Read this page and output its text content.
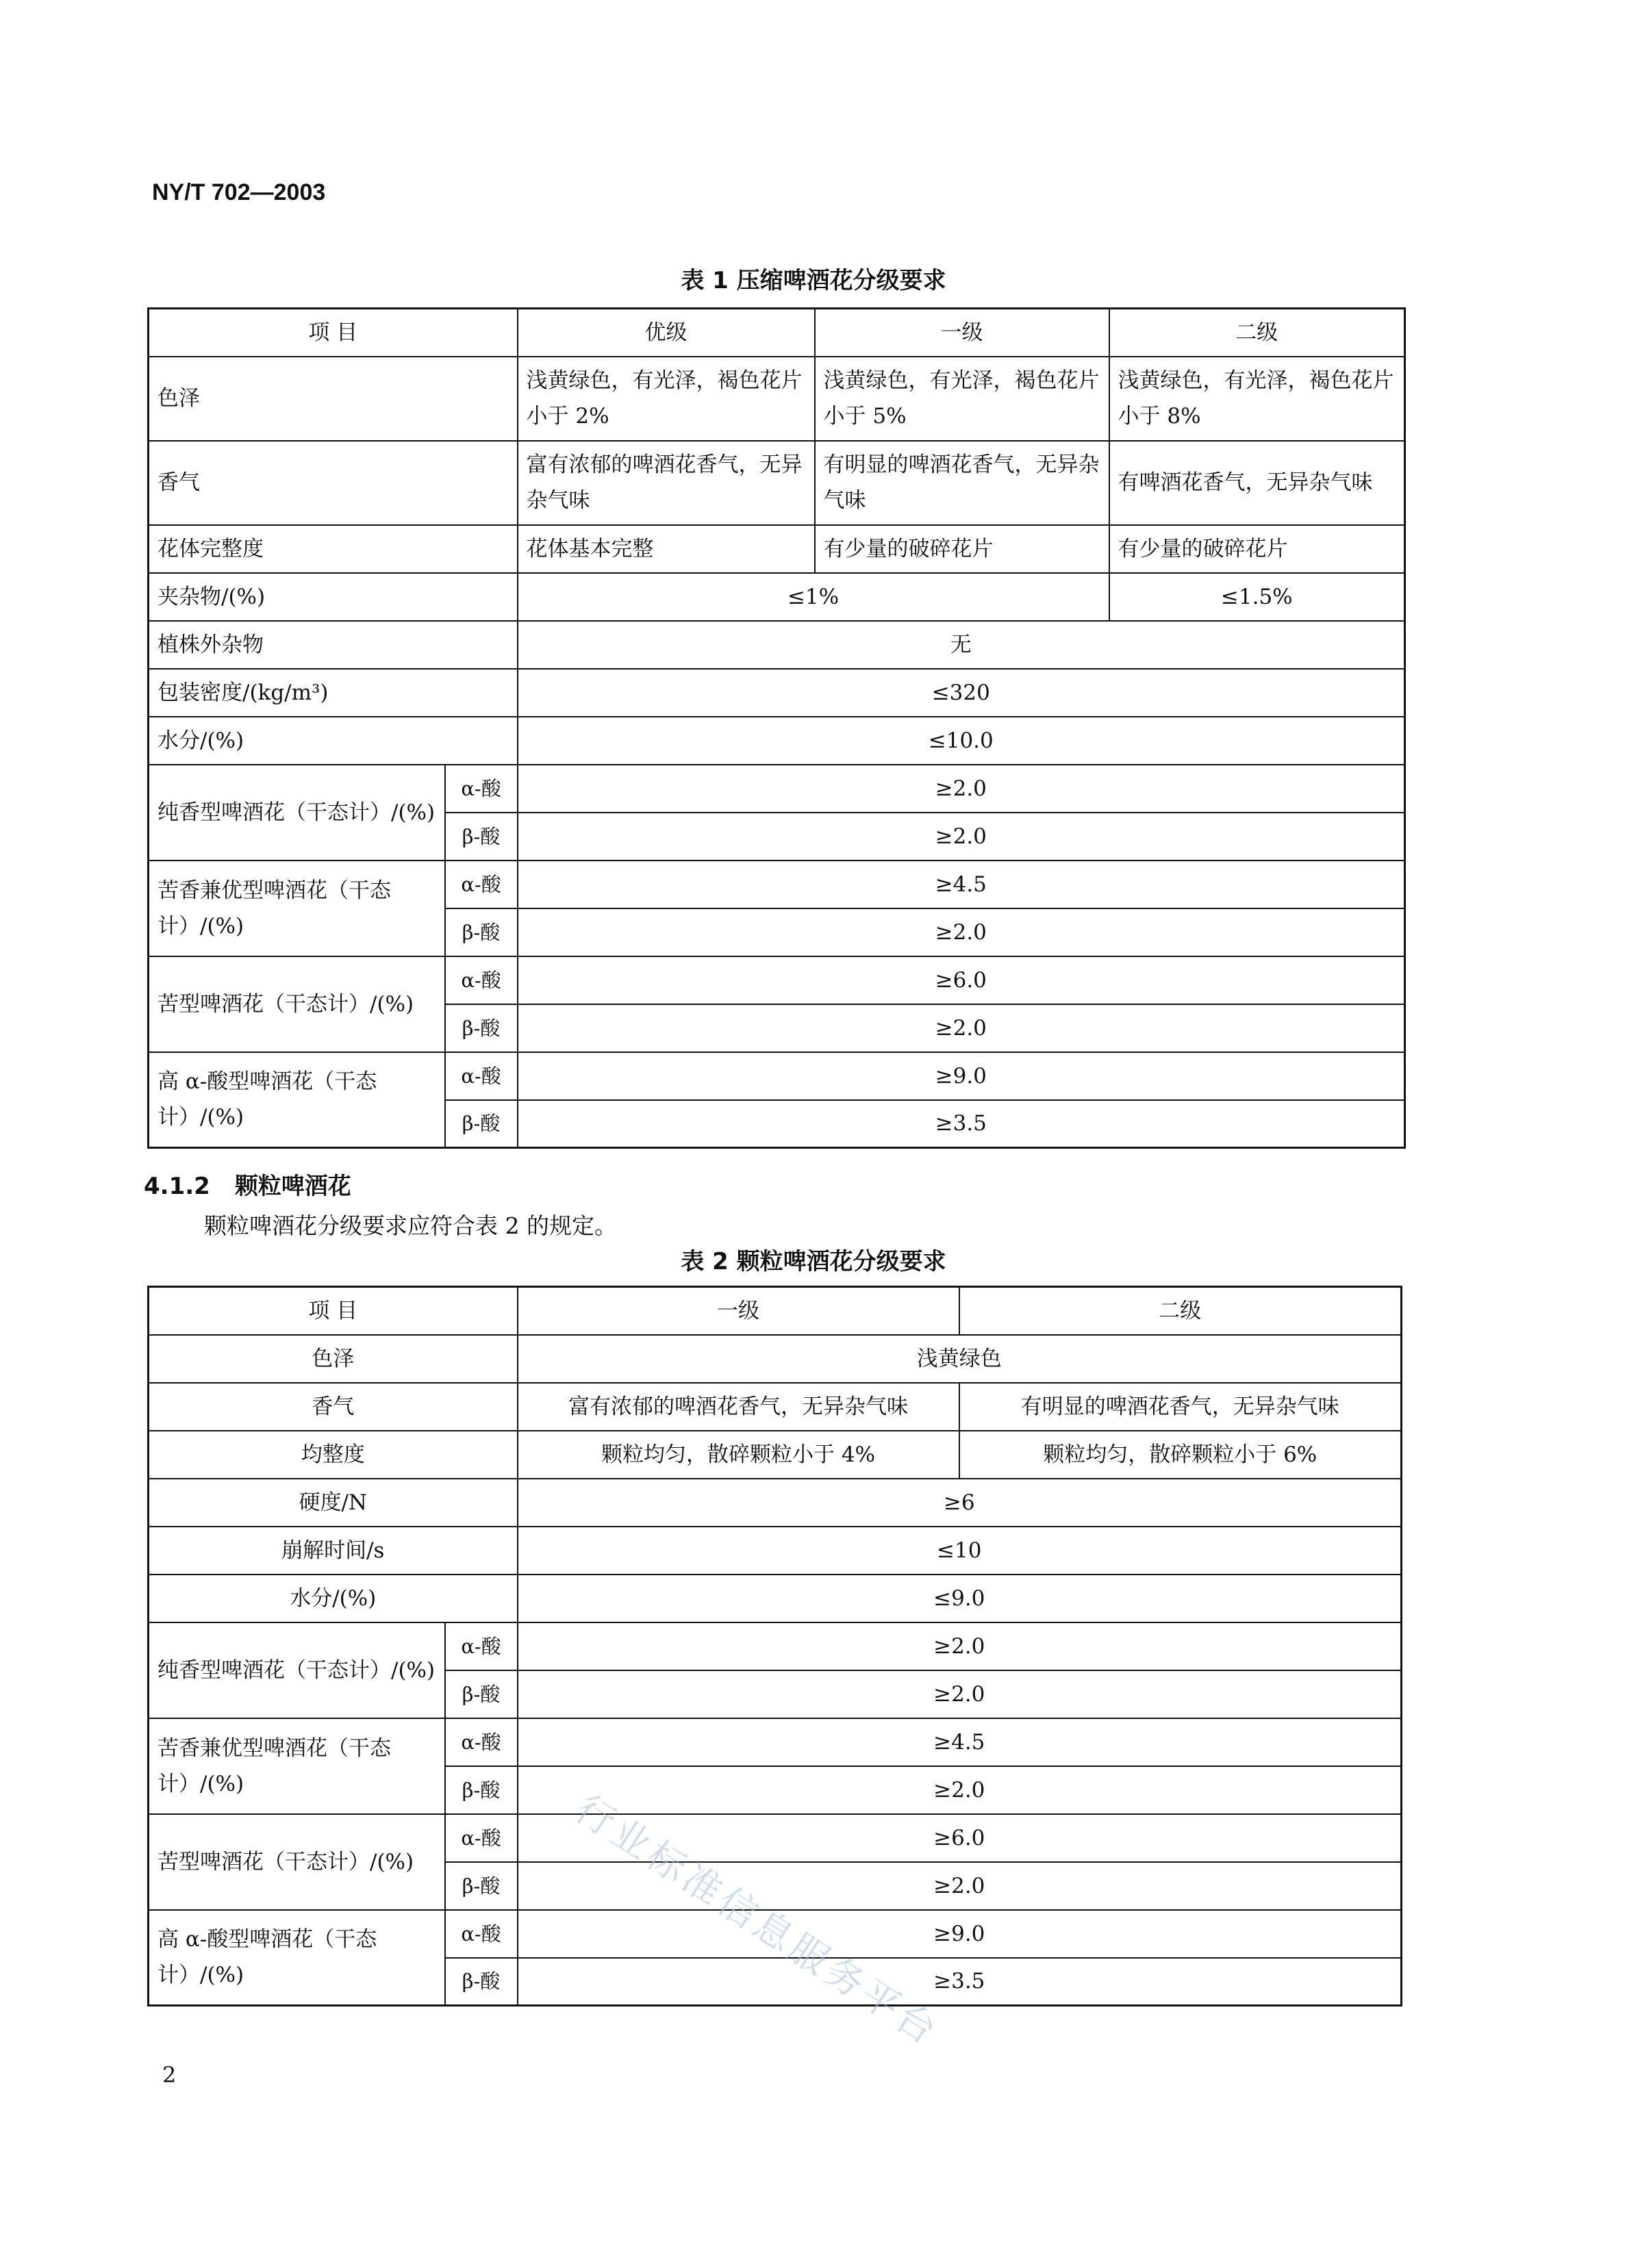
NY/T 702—2003
表 1 压缩啤酒花分级要求
项 目		优级	一级	二级
色泽		浅黄绿色，有光泽，褐色花片小于 2%	浅黄绿色，有光泽，褐色花片小于 5%	浅黄绿色，有光泽，褐色花片小于 8%
香气		富有浓郁的啤酒花香气，无异杂气味	有明显的啤酒花香气，无异杂气味	有啤酒花香气，无异杂气味
花体完整度		花体基本完整	有少量的破碎花片	有少量的破碎花片
夹杂物/(%)		≤1%		≤1.5%
植株外杂物		无		
包装密度/(kg/m³)		≤320		
水分/(%)		≤10.0		
纯香型啤酒花（干态计）/(%)	α-酸	≥2.0		
	β-酸	≥2.0		
苦香兼优型啤酒花（干态计）/(%)	α-酸	≥4.5		
	β-酸	≥2.0		
苦型啤酒花（干态计）/(%)	α-酸	≥6.0		
	β-酸	≥2.0		
高 α-酸型啤酒花（干态计）/(%)	α-酸	≥9.0		
	β-酸	≥3.5		
4.1.2 颗粒啤酒花
颗粒啤酒花分级要求应符合表 2 的规定。
表 2 颗粒啤酒花分级要求
项 目		一级	二级
色泽		浅黄绿色	
香气		富有浓郁的啤酒花香气，无异杂气味	有明显的啤酒花香气，无异杂气味
均整度		颗粒均匀，散碎颗粒小于 4%	颗粒均匀，散碎颗粒小于 6%
硬度/N		≥6	
崩解时间/s		≤10	
水分/(%)		≤9.0	
纯香型啤酒花（干态计）/(%)	α-酸	≥2.0	
	β-酸	≥2.0	
苦香兼优型啤酒花（干态计）/(%)	α-酸	≥4.5	
	β-酸	≥2.0	
苦型啤酒花（干态计）/(%)	α-酸	≥6.0	
	β-酸	≥2.0	
高 α-酸型啤酒花（干态计）/(%)	α-酸	≥9.0	
	β-酸	≥3.5	
行业标准信息服务平台
2
